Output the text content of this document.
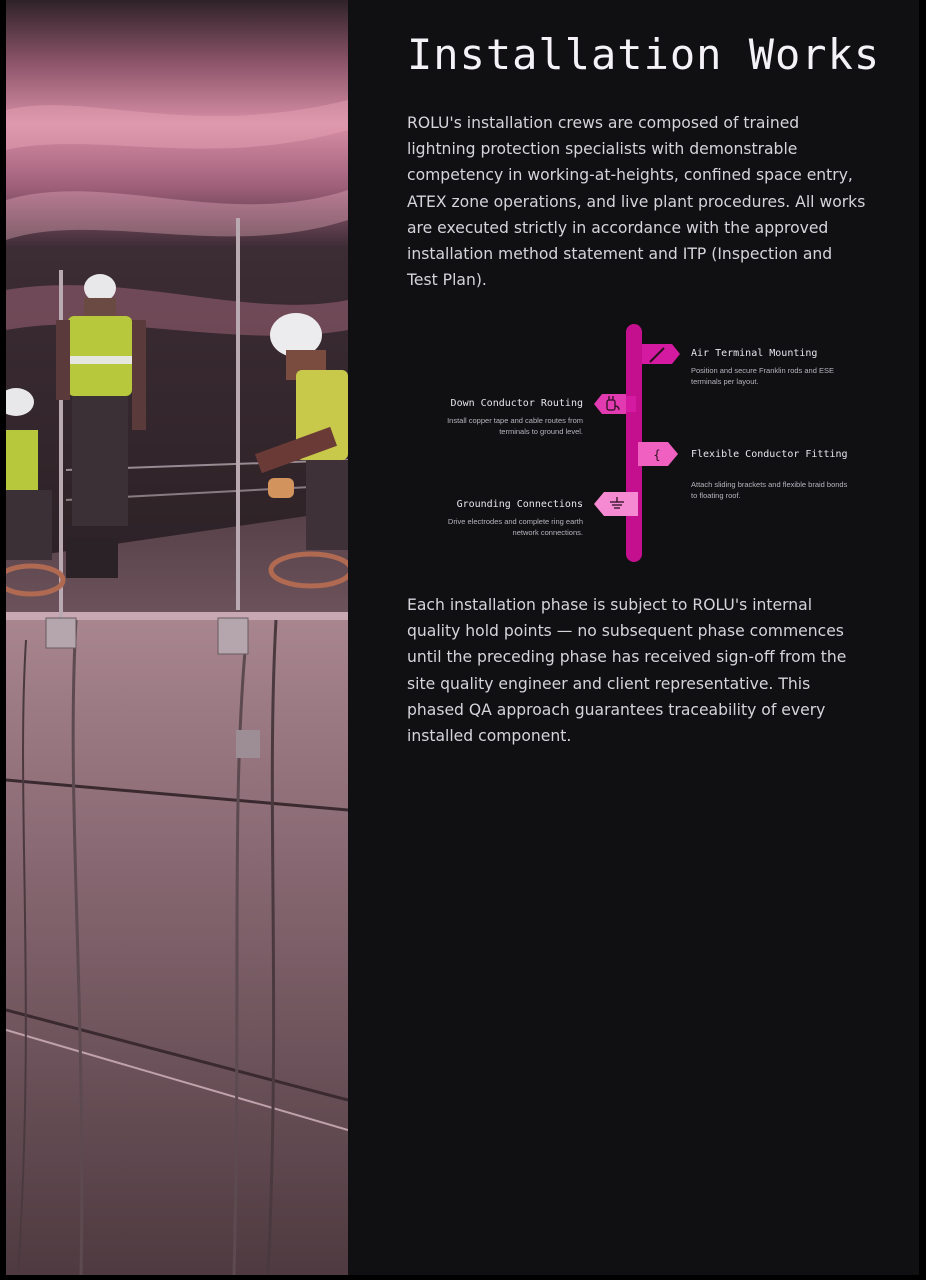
Installation Works

ROLU's installation crews are composed of trained lightning protection specialists with demonstrable competency in working-at-heights, confined space entry, ATEX zone operations, and live plant procedures. All works are executed strictly in accordance with the approved installation method statement and ITP (Inspection and Test Plan).

{
Air Terminal Mounting
Position and secure Franklin rods and ESE terminals per layout.
Down Conductor Routing
Install copper tape and cable routes from terminals to ground level.
Flexible Conductor Fitting
Attach sliding brackets and flexible braid bonds to floating roof.
Grounding Connections
Drive electrodes and complete ring earth network connections.

Each installation phase is subject to ROLU's internal quality hold points — no subsequent phase commences until the preceding phase has received sign-off from the site quality engineer and client representative. This phased QA approach guarantees traceability of every installed component.
